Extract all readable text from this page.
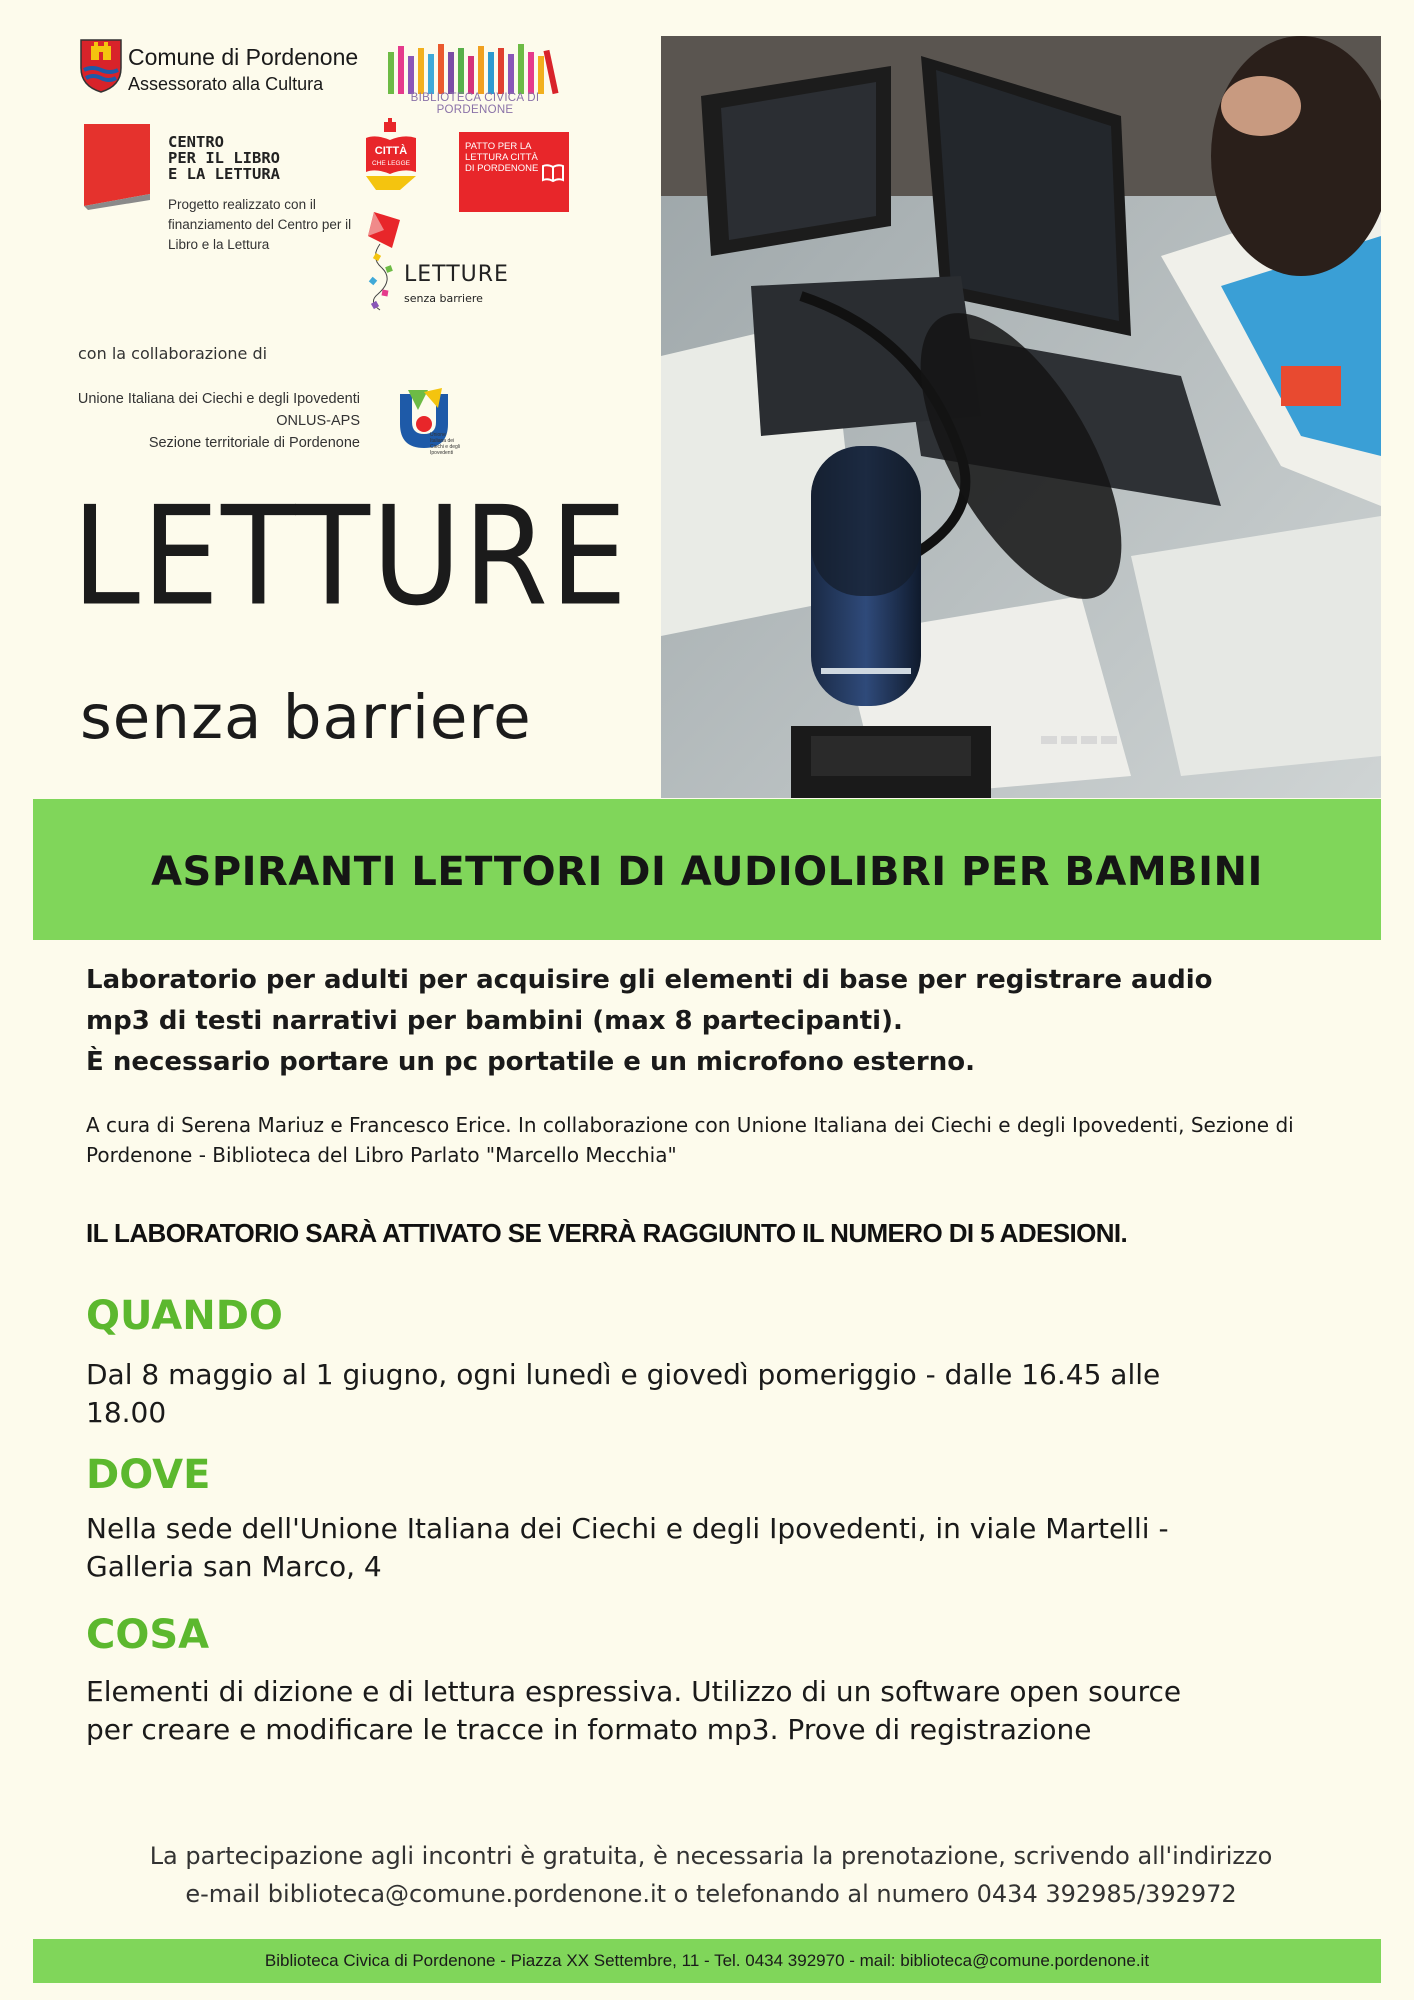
Comune di Pordenone
Assessorato alla Cultura
BIBLIOTECA CIVICA DI PORDENONE
CENTRO
PER IL LIBRO
E LA LETTURA
Progetto realizzato con il finanziamento del Centro per il Libro e la Lettura
CITTÀ
CHE LEGGE
PATTO PER LA LETTURA CITTÀ DI PORDENONE
LETTURE
senza barriere
con la collaborazione di
Unione Italiana dei Ciechi e degli Ipovedenti
ONLUS-APS
Sezione territoriale di Pordenone	Unione
Italiana dei
Ciechi e degli
Ipovedenti
LETTURE
senza barriere
ASPIRANTI LETTORI DI AUDIOLIBRI PER BAMBINI
Laboratorio per adulti per acquisire gli elementi di base per registrare audio
mp3 di testi narrativi per bambini (max 8 partecipanti).
È necessario portare un pc portatile e un microfono esterno.
A cura di Serena Mariuz e Francesco Erice. In collaborazione con Unione Italiana dei Ciechi e degli Ipovedenti, Sezione di Pordenone - Biblioteca del Libro Parlato "Marcello Mecchia"
IL LABORATORIO SARÀ ATTIVATO SE VERRÀ RAGGIUNTO IL NUMERO DI 5 ADESIONI.
QUANDO
Dal 8 maggio al 1 giugno, ogni lunedì e giovedì pomeriggio - dalle 16.45 alle 18.00
DOVE
Nella sede dell'Unione Italiana dei Ciechi e degli Ipovedenti, in viale Martelli - Galleria san Marco, 4
COSA
Elementi di dizione e di lettura espressiva. Utilizzo di un software open source per creare e modificare le tracce in formato mp3. Prove di registrazione
La partecipazione agli incontri è gratuita, è necessaria la prenotazione, scrivendo all'indirizzo
e-mail biblioteca@comune.pordenone.it o telefonando al numero 0434 392985/392972
Biblioteca Civica di Pordenone - Piazza XX Settembre, 11 - Tel. 0434 392970 - mail: biblioteca@comune.pordenone.it
